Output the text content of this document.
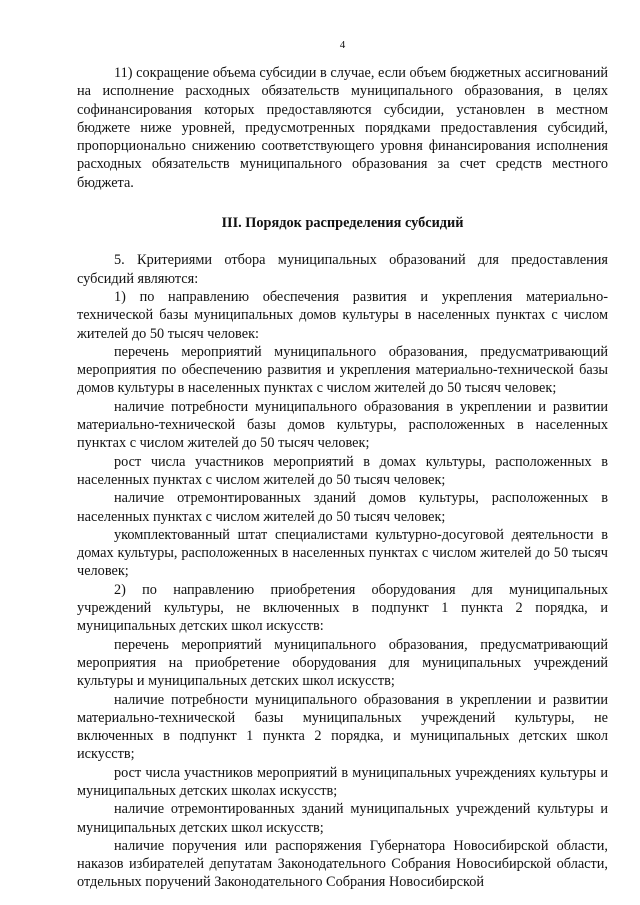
4

11) сокращение объема субсидии в случае, если объем бюджетных ассигнований на исполнение расходных обязательств муниципального образования, в целях софинансирования которых предоставляются субсидии, установлен в местном бюджете ниже уровней, предусмотренных порядками предоставления субсидий, пропорционально снижению соответствующего уровня финансирования исполнения расходных обязательств муниципального образования за счет средств местного бюджета.

III. Порядок распределения субсидий

5. Критериями отбора муниципальных образований для предоставления субсидий являются:

1) по направлению обеспечения развития и укрепления материально-технической базы муниципальных домов культуры в населенных пунктах с числом жителей до 50 тысяч человек:

перечень мероприятий муниципального образования, предусматривающий мероприятия по обеспечению развития и укрепления материально-технической базы домов культуры в населенных пунктах с числом жителей до 50 тысяч человек;

наличие потребности муниципального образования в укреплении и развитии материально-технической базы домов культуры, расположенных в населенных пунктах с числом жителей до 50 тысяч человек;

рост числа участников мероприятий в домах культуры, расположенных в населенных пунктах с числом жителей до 50 тысяч человек;

наличие отремонтированных зданий домов культуры, расположенных в населенных пунктах с числом жителей до 50 тысяч человек;

укомплектованный штат специалистами культурно-досуговой деятельности в домах культуры, расположенных в населенных пунктах с числом жителей до 50 тысяч человек;

2) по направлению приобретения оборудования для муниципальных учреждений культуры, не включенных в подпункт 1 пункта 2 порядка, и муниципальных детских школ искусств:

перечень мероприятий муниципального образования, предусматривающий мероприятия на приобретение оборудования для муниципальных учреждений культуры и муниципальных детских школ искусств;

наличие потребности муниципального образования в укреплении и развитии материально-технической базы муниципальных учреждений культуры, не включенных в подпункт 1 пункта 2 порядка, и муниципальных детских школ искусств;

рост числа участников мероприятий в муниципальных учреждениях культуры и муниципальных детских школах искусств;

наличие отремонтированных зданий муниципальных учреждений культуры и муниципальных детских школ искусств;

наличие поручения или распоряжения Губернатора Новосибирской области, наказов избирателей депутатам Законодательного Собрания Новосибирской области, отдельных поручений Законодательного Собрания Новосибирской
